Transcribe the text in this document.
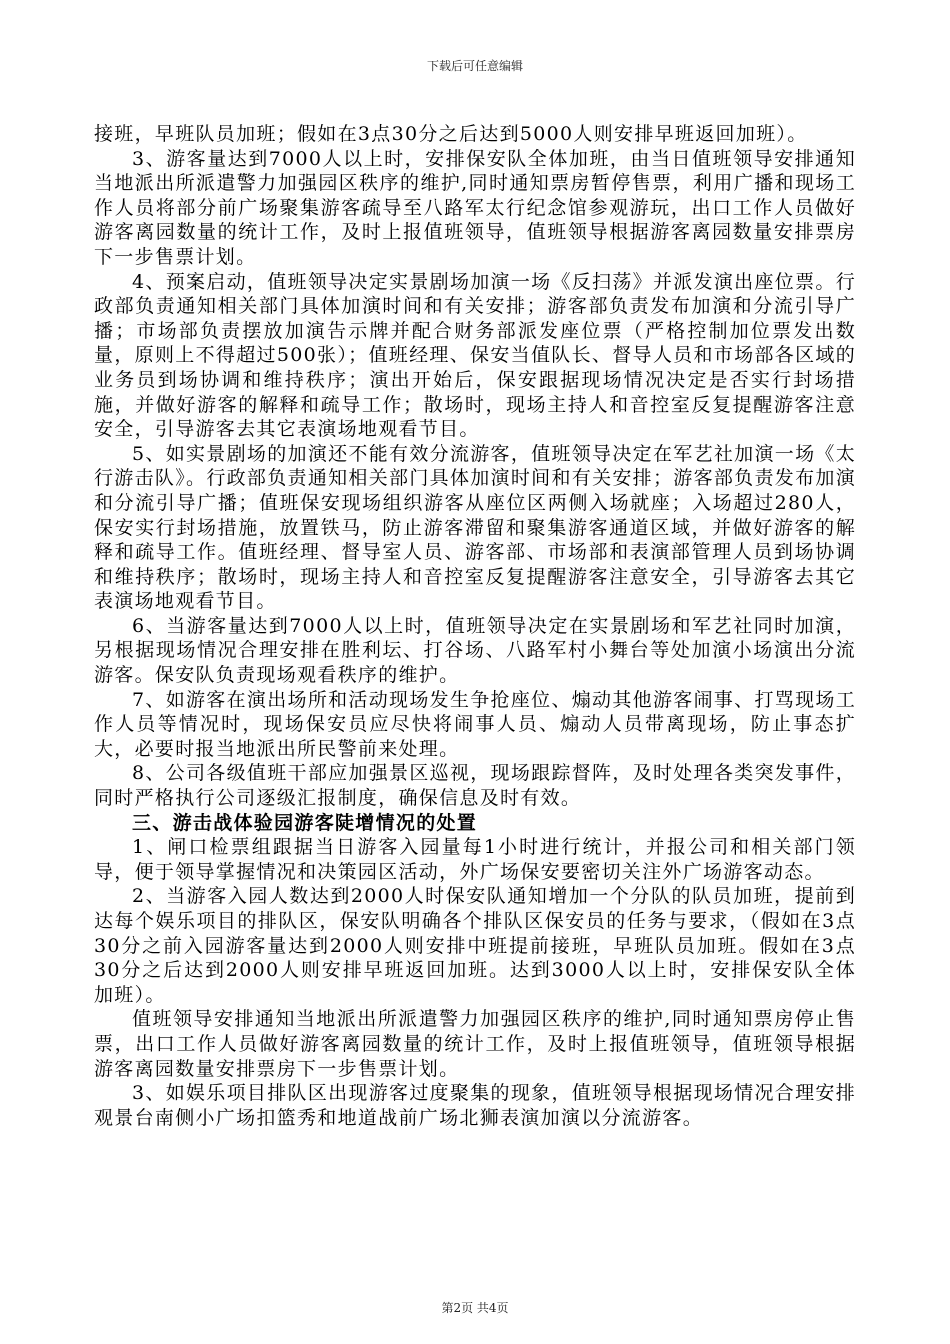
下载后可任意编辑

接班，早班队员加班；假如在3点30分之后达到5000人则安排早班返回加班）。

3、游客量达到7000人以上时，安排保安队全体加班，由当日值班领导安排通知当地派出所派遣警力加强园区秩序的维护,同时通知票房暂停售票，利用广播和现场工作人员将部分前广场聚集游客疏导至八路军太行纪念馆参观游玩，出口工作人员做好游客离园数量的统计工作，及时上报值班领导，值班领导根据游客离园数量安排票房下一步售票计划。

4、预案启动，值班领导决定实景剧场加演一场《反扫荡》并派发演出座位票。行政部负责通知相关部门具体加演时间和有关安排；游客部负责发布加演和分流引导广播；市场部负责摆放加演告示牌并配合财务部派发座位票（严格控制加位票发出数量，原则上不得超过500张）；值班经理、保安当值队长、督导人员和市场部各区域的业务员到场协调和维持秩序；演出开始后，保安跟据现场情况决定是否实行封场措施，并做好游客的解释和疏导工作；散场时，现场主持人和音控室反复提醒游客注意安全，引导游客去其它表演场地观看节目。

5、如实景剧场的加演还不能有效分流游客，值班领导决定在军艺社加演一场《太行游击队》。行政部负责通知相关部门具体加演时间和有关安排；游客部负责发布加演和分流引导广播；值班保安现场组织游客从座位区两侧入场就座；入场超过280人，保安实行封场措施，放置铁马，防止游客滞留和聚集游客通道区域，并做好游客的解释和疏导工作。值班经理、督导室人员、游客部、市场部和表演部管理人员到场协调和维持秩序；散场时，现场主持人和音控室反复提醒游客注意安全，引导游客去其它表演场地观看节目。

6、当游客量达到7000人以上时，值班领导决定在实景剧场和军艺社同时加演，另根据现场情况合理安排在胜利坛、打谷场、八路军村小舞台等处加演小场演出分流游客。保安队负责现场观看秩序的维护。

7、如游客在演出场所和活动现场发生争抢座位、煽动其他游客闹事、打骂现场工作人员等情况时，现场保安员应尽快将闹事人员、煽动人员带离现场，防止事态扩大，必要时报当地派出所民警前来处理。

8、公司各级值班干部应加强景区巡视，现场跟踪督阵，及时处理各类突发事件，同时严格执行公司逐级汇报制度，确保信息及时有效。

三、游击战体验园游客陡增情况的处置

1、闸口检票组跟据当日游客入园量每1小时进行统计，并报公司和相关部门领导，便于领导掌握情况和决策园区活动，外广场保安要密切关注外广场游客动态。

2、当游客入园人数达到2000人时保安队通知增加一个分队的队员加班，提前到达每个娱乐项目的排队区，保安队明确各个排队区保安员的任务与要求，（假如在3点30分之前入园游客量达到2000人则安排中班提前接班，早班队员加班。假如在3点30分之后达到2000人则安排早班返回加班。达到3000人以上时，安排保安队全体加班）。

值班领导安排通知当地派出所派遣警力加强园区秩序的维护,同时通知票房停止售票，出口工作人员做好游客离园数量的统计工作，及时上报值班领导，值班领导根据游客离园数量安排票房下一步售票计划。

3、如娱乐项目排队区出现游客过度聚集的现象，值班领导根据现场情况合理安排观景台南侧小广场扣篮秀和地道战前广场北狮表演加演以分流游客。

第2页 共4页
